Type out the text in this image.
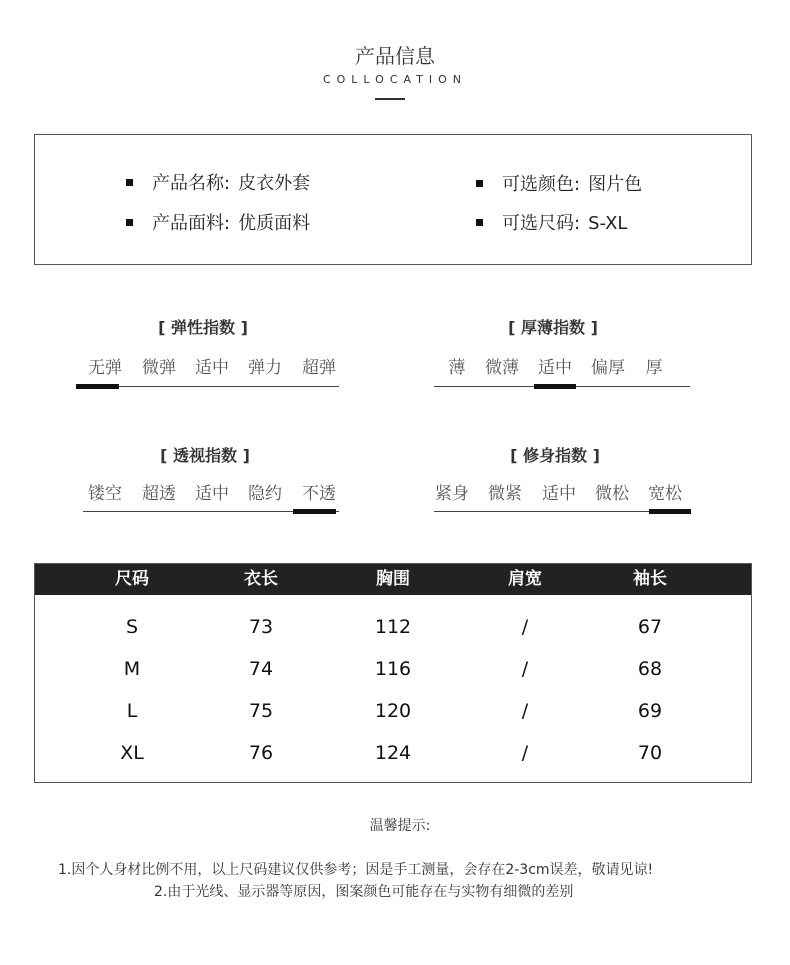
产品信息
COLLOCATION
产品名称: 皮衣外套
产品面料: 优质面料
可选颜色: 图片色
可选尺码: S-XL
[ 弹性指数 ]
无弹 微弹 适中 弹力 超弹
[ 厚薄指数 ]
薄	微薄 适中 偏厚	厚
[ 透视指数 ]
镂空 超透 适中 隐约 不透
[ 修身指数 ]
紧身 微紧 适中 微松 宽松
尺码	衣长	胸围	肩宽	袖长
S	73	112	/	67
M	74	116	/	68
L	75	120	/	69
XL	76	124	/	70
温馨提示:
1.因个人身材比例不用，以上尺码建议仅供参考；因是手工测量，会存在2-3cm误差，敬请见谅!
2.由于光线、显示器等原因，图案颜色可能存在与实物有细微的差别
